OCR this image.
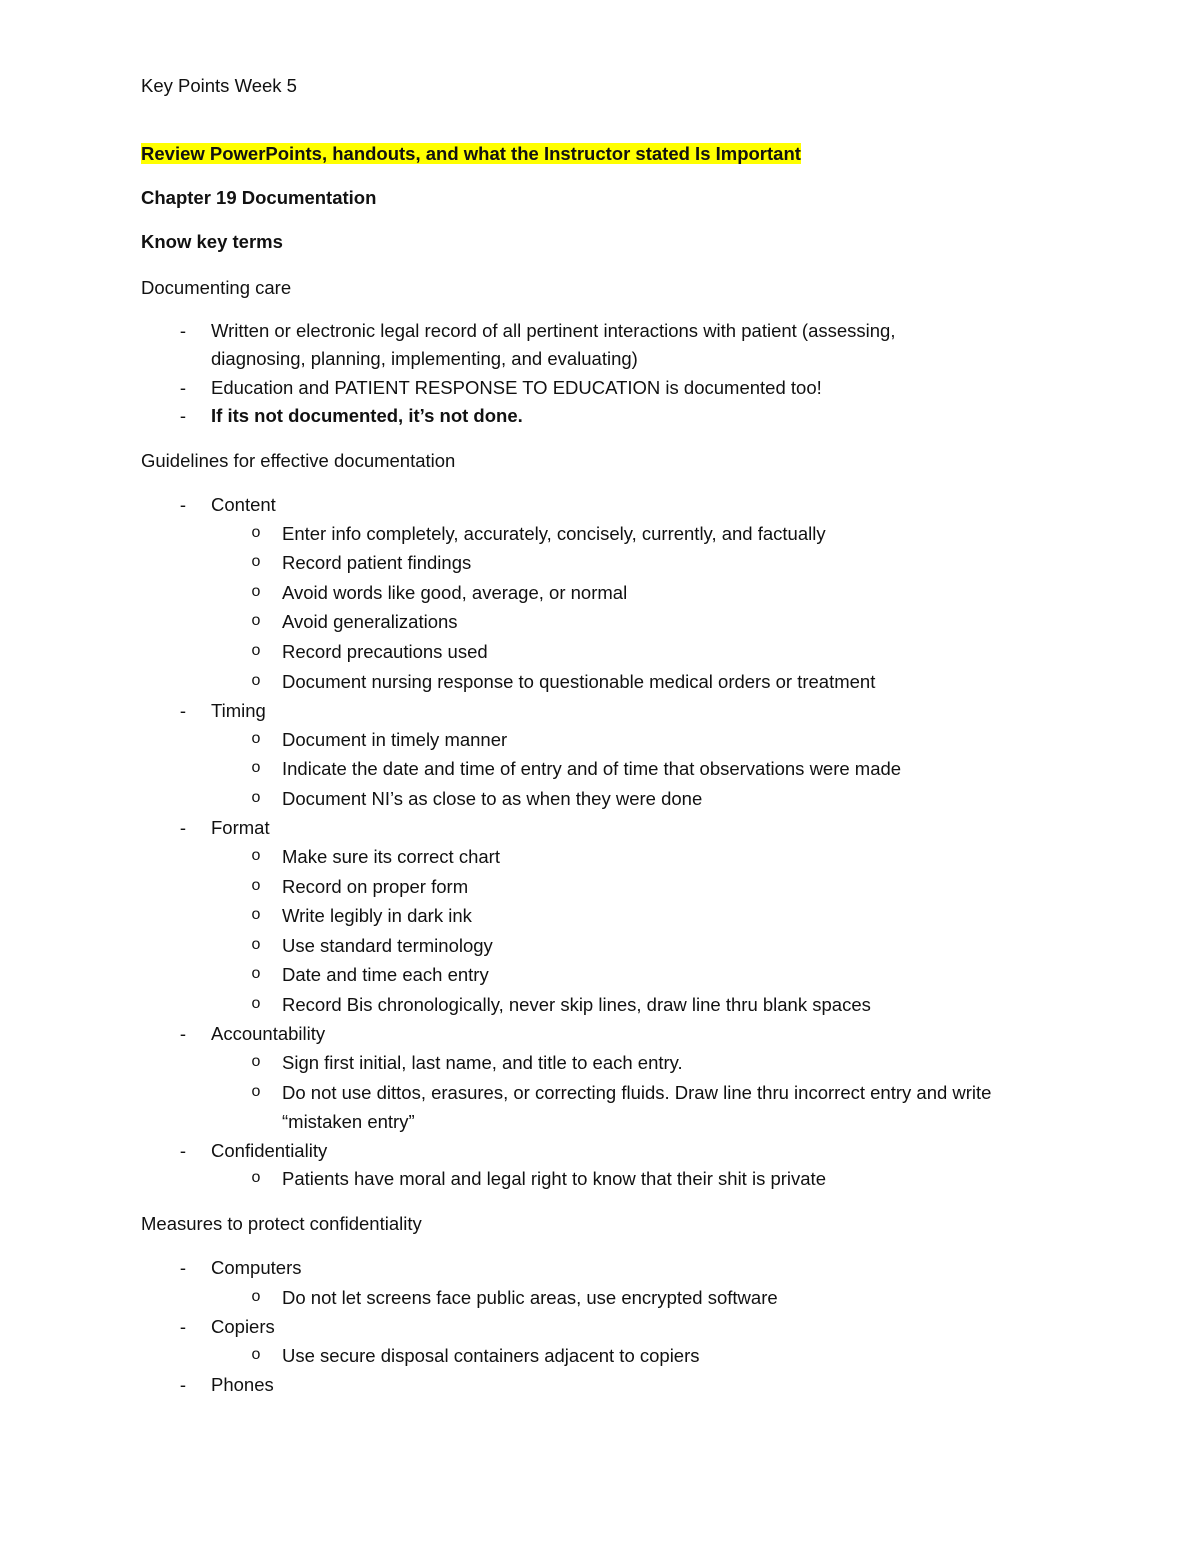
Key Points Week 5
Review PowerPoints, handouts, and what the Instructor stated Is Important
Chapter 19 Documentation
Know key terms
Documenting care
- Written or electronic legal record of all pertinent interactions with patient (assessing,
diagnosing, planning, implementing, and evaluating)
- Education and PATIENT RESPONSE TO EDUCATION is documented too!
- If its not documented, it’s not done.
Guidelines for effective documentation
- Content
o Enter info completely, accurately, concisely, currently, and factually
o Record patient findings
o Avoid words like good, average, or normal
o Avoid generalizations
o Record precautions used
o Document nursing response to questionable medical orders or treatment
- Timing
o Document in timely manner
o Indicate the date and time of entry and of time that observations were made
o Document NI’s as close to as when they were done
- Format
o Make sure its correct chart
o Record on proper form
o Write legibly in dark ink
o Use standard terminology
o Date and time each entry
o Record Bis chronologically, never skip lines, draw line thru blank spaces
- Accountability
o Sign first initial, last name, and title to each entry.
o Do not use dittos, erasures, or correcting fluids. Draw line thru incorrect entry and write
“mistaken entry”
- Confidentiality
o Patients have moral and legal right to know that their shit is private
Measures to protect confidentiality
- Computers
o Do not let screens face public areas, use encrypted software
- Copiers
o Use secure disposal containers adjacent to copiers
- Phones
